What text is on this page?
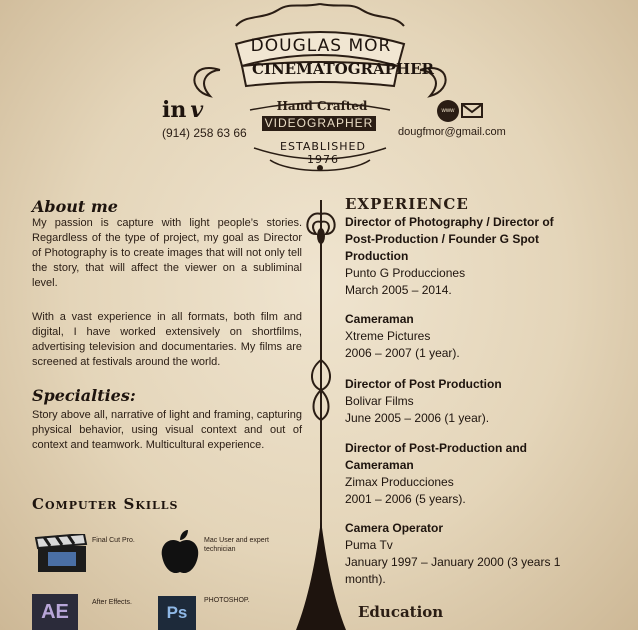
DOUGLAS MOR
CINEMATOGRAPHER
Hand Crafted
VIDEOGRAPHER
ESTABLISHED 1976
in v
(914) 258 63 66
www
dougfmor@gmail.com
About me
My passion is capture with light people’s stories. Regardless of the type of project, my goal as Director of Photography is to create images that will not only tell the story, that will affect the viewer on a subliminal level.
With a vast experience in all formats, both film and digital, I have worked extensively on shortfilms, advertising television and documentaries. My films are screened at festivals around the world.
Specialties:
Story above all, narrative of light and framing, capturing physical behavior, using visual context and out of context and teamwork. Multicultural experience.
Computer Skills
Final Cut Pro.	Mac User and expert technician
AE	After Effects.
Ps
PHOTOSHOP.
EXPERIENCE
Director of Photography / Director of Post-Production / Founder G Spot Production
Punto G Producciones
March 2005 – 2014.
Cameraman
Xtreme Pictures
2006 – 2007 (1 year).
Director of Post Production
Bolivar Films
June 2005 – 2006 (1 year).
Director of Post-Production and Cameraman
Zimax Producciones
2001 – 2006 (5 years).
Camera Operator
Puma Tv
January 1997 – January 2000 (3 years 1 month).
Education
